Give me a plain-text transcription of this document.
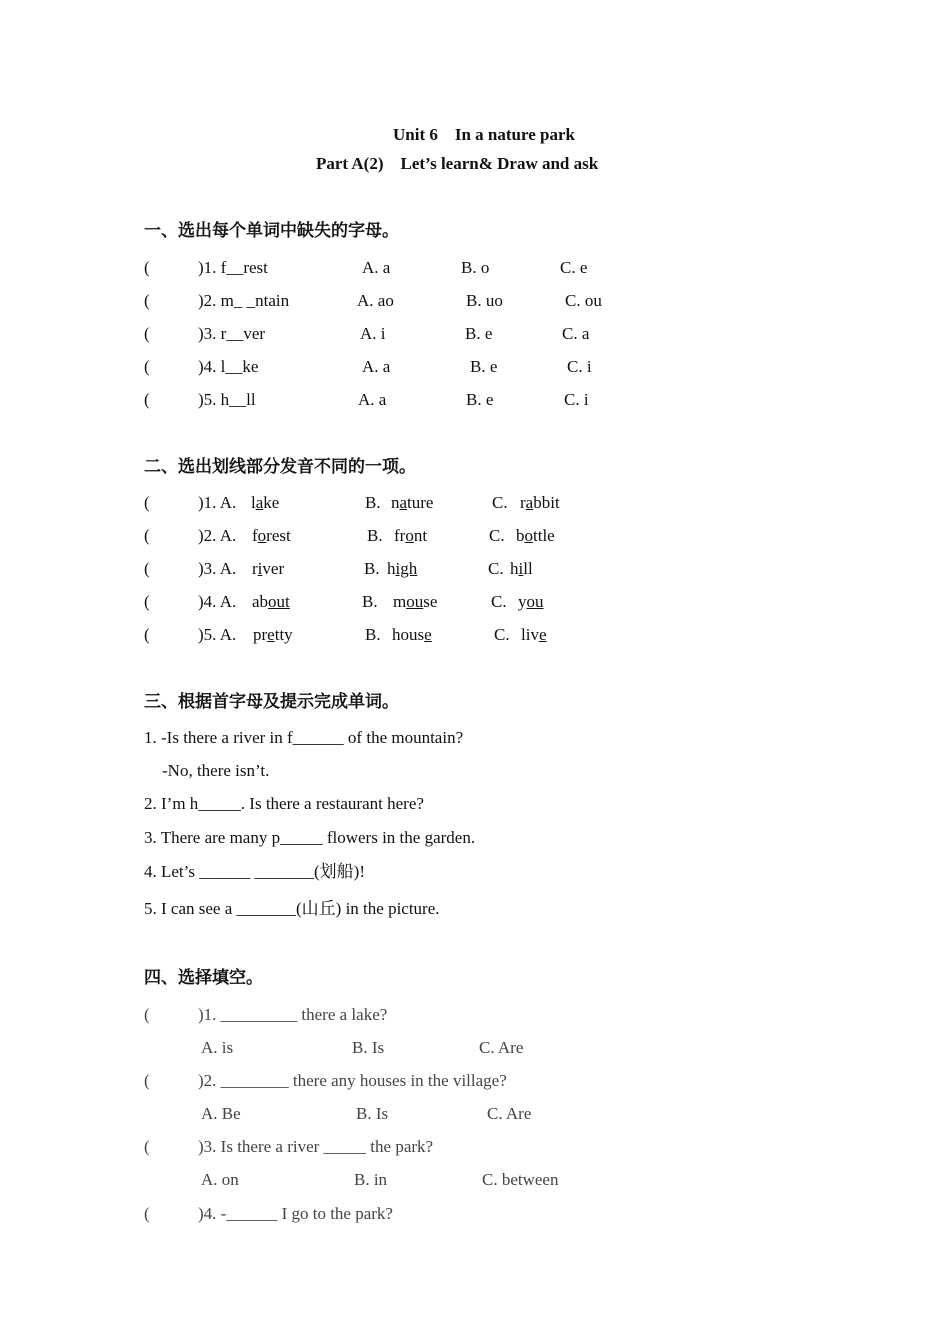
Unit 6    In a nature park
Part A(2)    Let’s learn& Draw and ask
一、选出每个单词中缺失的字母。
(	)1. f__rest	A. a	B. o	C. e
(	)2. m_ _ntain	A. ao	B. uo	C. ou
(	)3. r__ver	A. i	B. e	C. a
(	)4. l__ke	A. a	B. e	C. i
(	)5. h__ll	A. a	B. e	C. i
二、选出划线部分发音不同的一项。
(	)1. A. lake	B. nature	C. rabbit
(	)2. A. forest	B. front	C. bottle
(	)3. A. river	B. high	C. hill
(	)4. A. about	B. mouse	C. you
(	)5. A. pretty	B. house	C. live
三、根据首字母及提示完成单词。
1. -Is there a river in f______ of the mountain?
-No, there isn’t.
2. I’m h_____. Is there a restaurant here?
3. There are many p_____ flowers in the garden.
4. Let’s ______ _______(划船)!
5. I can see a _______(山丘) in the picture.
四、选择填空。
(	)1. _________ there a lake?
A. is	B. Is	C. Are
(	)2. ________ there any houses in the village?
A. Be	B. Is	C. Are
(	)3. Is there a river _____ the park?
A. on	B. in	C. between
(	)4. -______ I go to the park?
